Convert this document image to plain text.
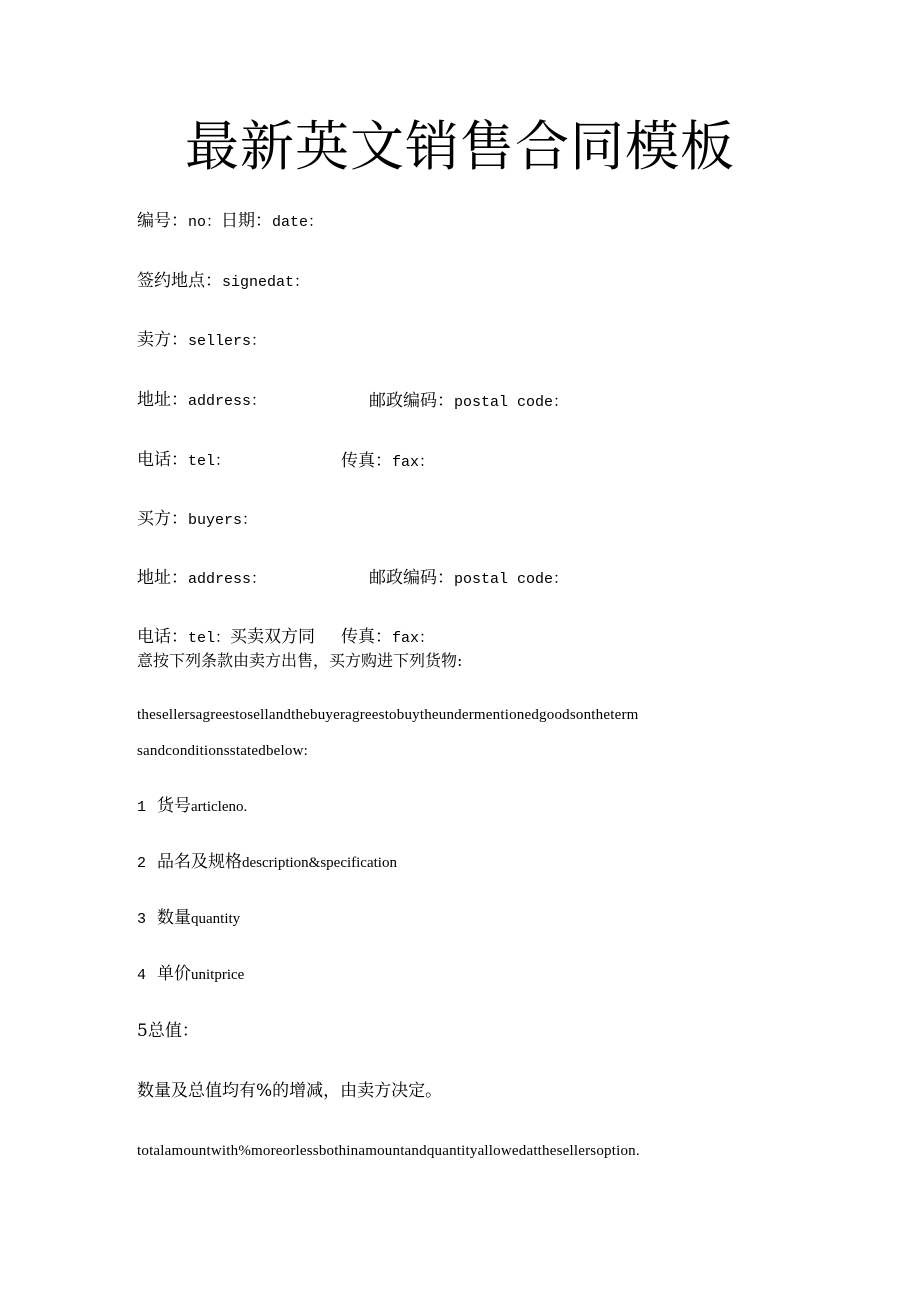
最新英文销售合同模板
编号：no：日期：date：
签约地点：signedat：
卖方：sellers：
地址：address：	邮政编码：postal code：
电话：tel：	传真：fax：
买方：buyers：
地址：address：	邮政编码：postal code：
电话：tel：买卖双方同 传真：fax：
意按下列条款由卖方出售，买方购进下列货物:
thesellersagreestosellandthebuyeragreestobuytheundermentionedgoodsontheterm
sandconditionsstatedbelow:
1 货号articleno.
2 品名及规格description&specification
3 数量quantity
4 单价unitprice
5总值：
数量及总值均有%的增减，由卖方决定。
totalamountwith%moreorlessbothinamountandquantityallowedatthesellersoption.
